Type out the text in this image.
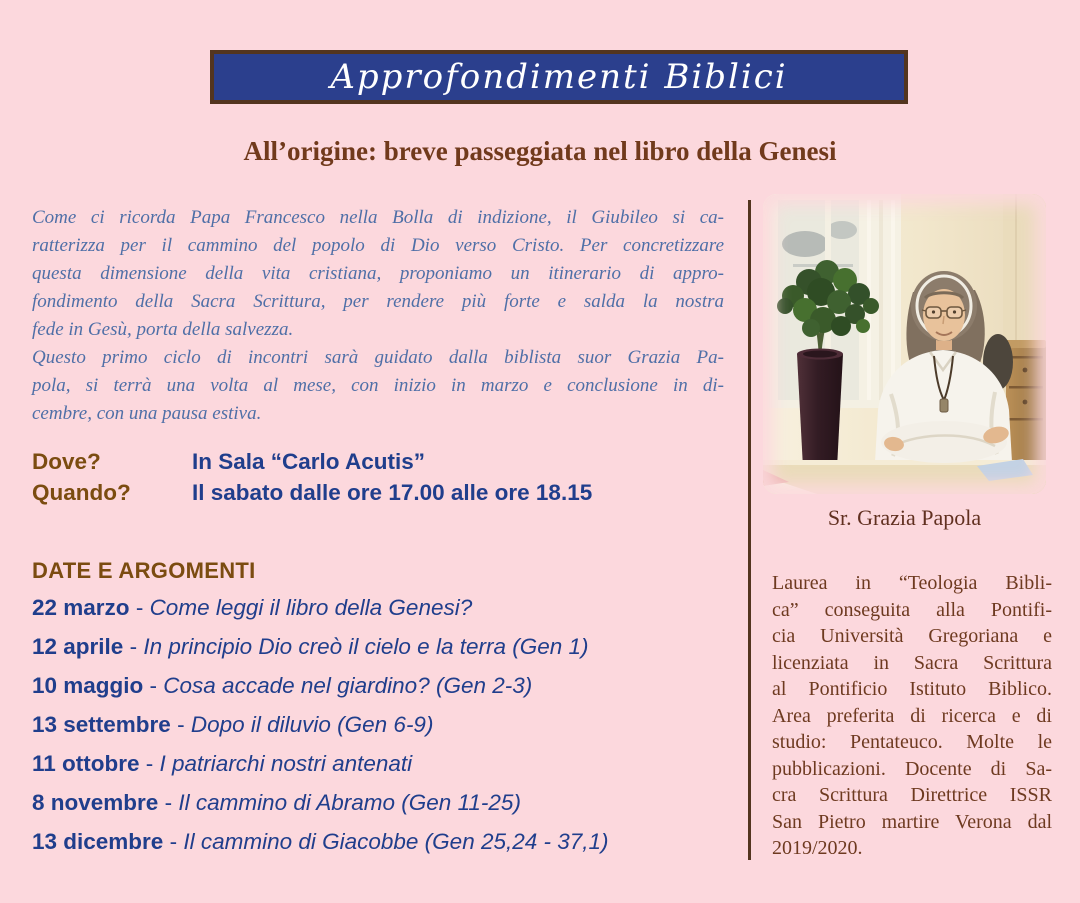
Approfondimenti Biblici
All’origine: breve passeggiata nel libro della Genesi
Come ci ricorda Papa Francesco nella Bolla di indizione, il Giubileo si ca-
ratterizza per il cammino del popolo di Dio verso Cristo. Per concretizzare
questa dimensione della vita cristiana, proponiamo un itinerario di appro-
fondimento della Sacra Scrittura, per rendere più forte e salda la nostra
fede in Gesù, porta della salvezza.
Questo primo ciclo di incontri sarà guidato dalla biblista suor Grazia Pa-
pola, si terrà una volta al mese, con inizio in marzo e conclusione in di-
cembre, con una pausa estiva.
Dove?	In Sala “Carlo Acutis”
Quando?	Il sabato dalle ore 17.00 alle ore 18.15
DATE E ARGOMENTI
22 marzo - Come leggi il libro della Genesi?
12 aprile - In principio Dio creò il cielo e la terra (Gen 1)
10 maggio - Cosa accade nel giardino? (Gen 2-3)
13 settembre - Dopo il diluvio (Gen 6-9)
11 ottobre - I patriarchi nostri antenati
8 novembre - Il cammino di Abramo (Gen 11-25)
13 dicembre - Il cammino di Giacobbe (Gen 25,24 - 37,1)
Sr. Grazia Papola
Laurea in “Teologia Bibli-
ca” conseguita alla Pontifi-
cia Università Gregoriana e
licenziata in Sacra Scrittura
al Pontificio Istituto Biblico.
Area preferita di ricerca e di
studio: Pentateuco. Molte le
pubblicazioni. Docente di Sa-
cra Scrittura Direttrice ISSR
San Pietro martire Verona dal
2019/2020.
